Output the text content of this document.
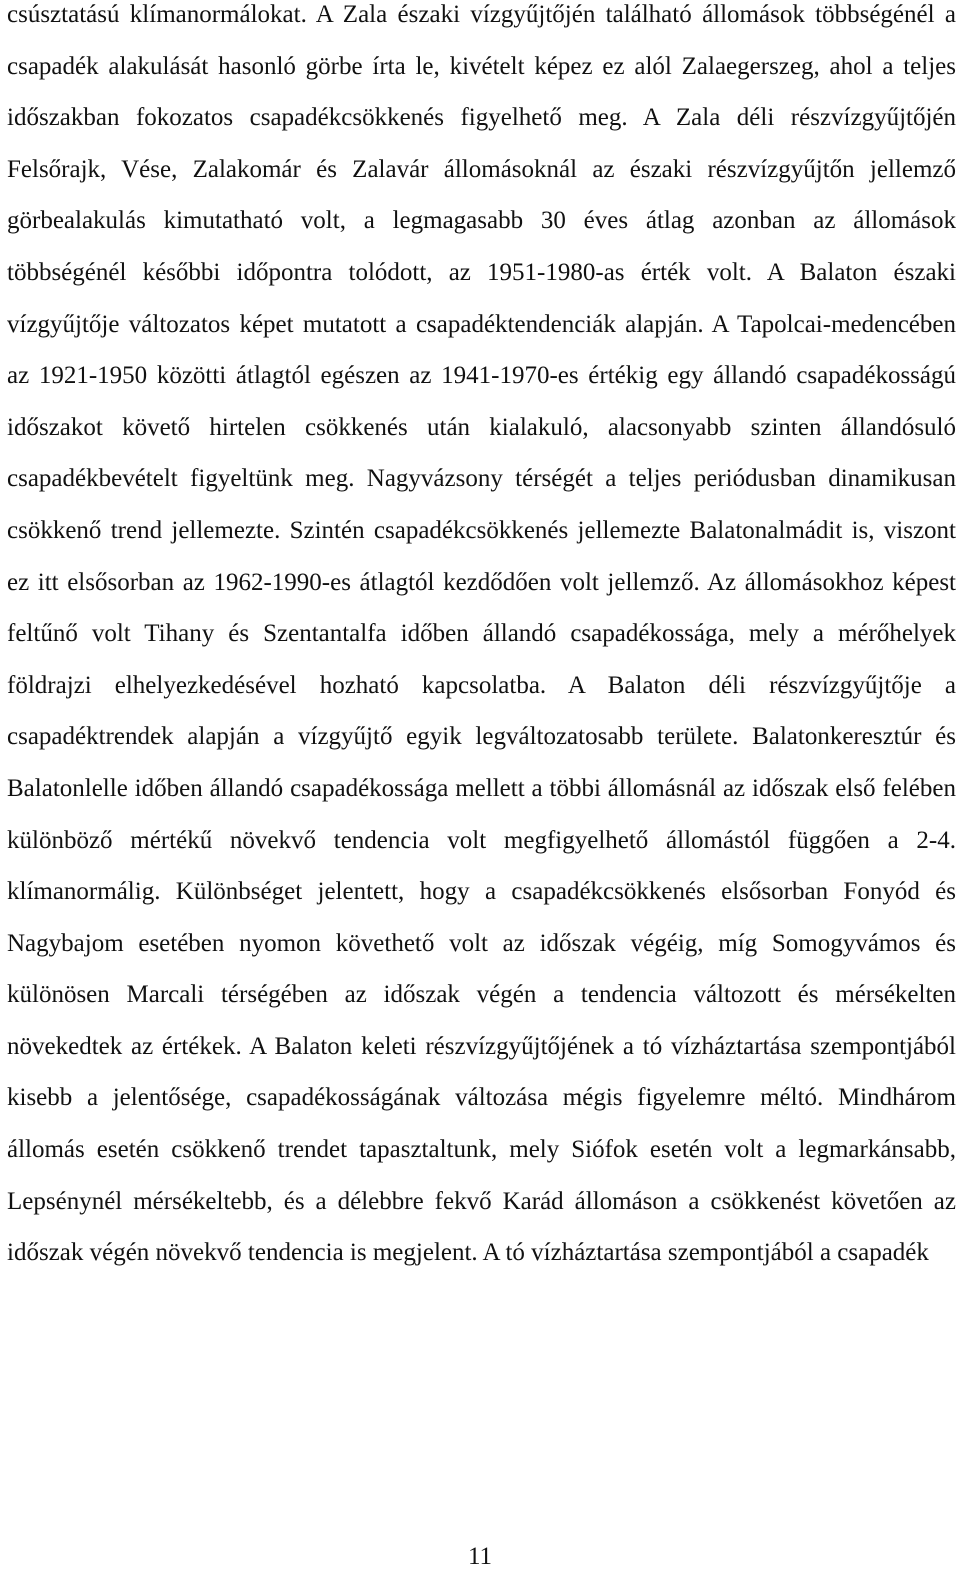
csúsztatású klímanormálokat. A Zala északi vízgyűjtőjén található állomások többségénél a csapadék alakulását hasonló görbe írta le, kivételt képez ez alól Zalaegerszeg, ahol a teljes időszakban fokozatos csapadékcsökkenés figyelhető meg. A Zala déli részvízgyűjtőjén Felsőrajk, Vése, Zalakomár és Zalavár állomásoknál az északi részvízgyűjtőn jellemző görbealakulás kimutatható volt, a legmagasabb 30 éves átlag azonban az állomások többségénél későbbi időpontra tolódott, az 1951-1980-as érték volt. A Balaton északi vízgyűjtője változatos képet mutatott a csapadéktendenciák alapján. A Tapolcai-medencében az 1921-1950 közötti átlagtól egészen az 1941-1970-es értékig egy állandó csapadékosságú időszakot követő hirtelen csökkenés után kialakuló, alacsonyabb szinten állandósuló csapadékbevételt figyeltünk meg. Nagyvázsony térségét a teljes periódusban dinamikusan csökkenő trend jellemezte. Szintén csapadékcsökkenés jellemezte Balatonalmádit is, viszont ez itt elsősorban az 1962-1990-es átlagtól kezdődően volt jellemző. Az állomásokhoz képest feltűnő volt Tihany és Szentantalfa időben állandó csapadékossága, mely a mérőhelyek földrajzi elhelyezkedésével hozható kapcsolatba. A Balaton déli részvízgyűjtője a csapadéktrendek alapján a vízgyűjtő egyik legváltozatosabb területe. Balatonkeresztúr és Balatonlelle időben állandó csapadékossága mellett a többi állomásnál az időszak első felében különböző mértékű növekvő tendencia volt megfigyelhető állomástól függően a 2-4. klímanormálig. Különbséget jelentett, hogy a csapadékcsökkenés elsősorban Fonyód és Nagybajom esetében nyomon követhető volt az időszak végéig, míg Somogyvámos és különösen Marcali térségében az időszak végén a tendencia változott és mérsékelten növekedtek az értékek. A Balaton keleti részvízgyűjtőjének a tó vízháztartása szempontjából kisebb a jelentősége, csapadékosságának változása mégis figyelemre méltó. Mindhárom állomás esetén csökkenő trendet tapasztaltunk, mely Siófok esetén volt a legmarkánsabb, Lepsénynél mérsékeltebb, és a délebbre fekvő Karád állomáson a csökkenést követően az időszak végén növekvő tendencia is megjelent. A tó vízháztartása szempontjából a csapadék

11
